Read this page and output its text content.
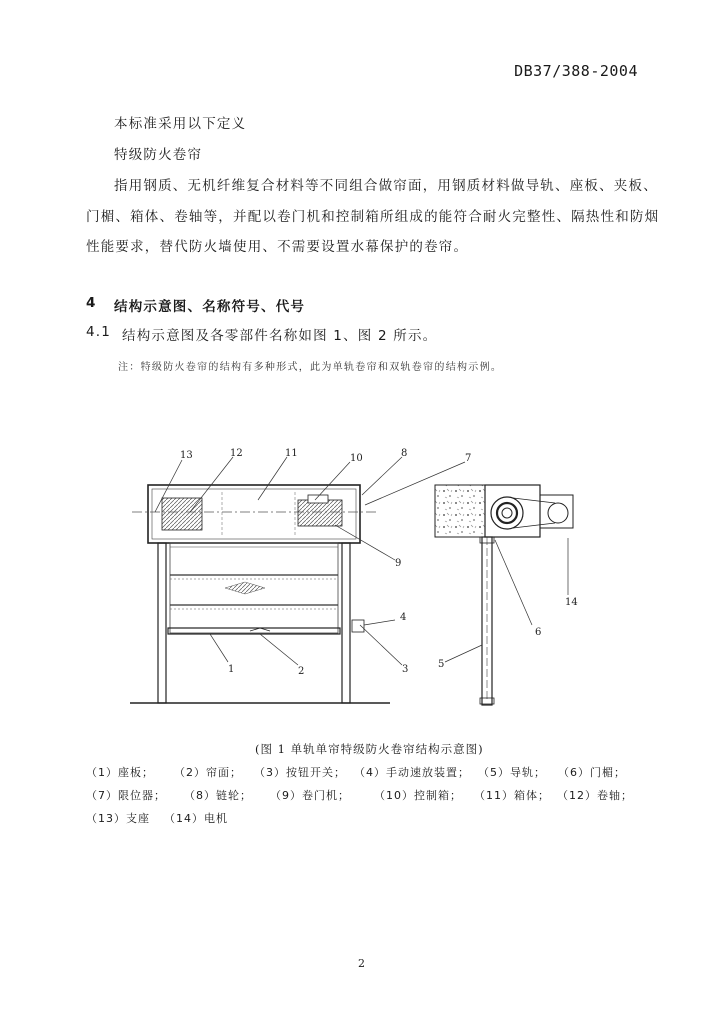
DB37/388-2004
本标准采用以下定义
特级防火卷帘
指用钢质、无机纤维复合材料等不同组合做帘面，用钢质材料做导轨、座板、夹板、
门楣、箱体、卷轴等，并配以卷门机和控制箱所组成的能符合耐火完整性、隔热性和防烟
性能要求，替代防火墙使用、不需要设置水幕保护的卷帘。
4 结构示意图、名称符号、代号
4.1 结构示意图及各零部件名称如图 1、图 2 所示。
注：特级防火卷帘的结构有多种形式，此为单轨卷帘和双轨卷帘的结构示例。
13	12	11	10	8	7
9
4
3
1	2
14
6
5
(图 1 单轨单帘特级防火卷帘结构示意图)
（1）座板； （2）帘面； （3）按钮开关； （4）手动速放装置； （5）导轨； （6）门楣；
（7）限位器； （8）链轮； （9）卷门机； （10）控制箱； （11）箱体； （12）卷轴；
（13）支座 （14）电机
2
